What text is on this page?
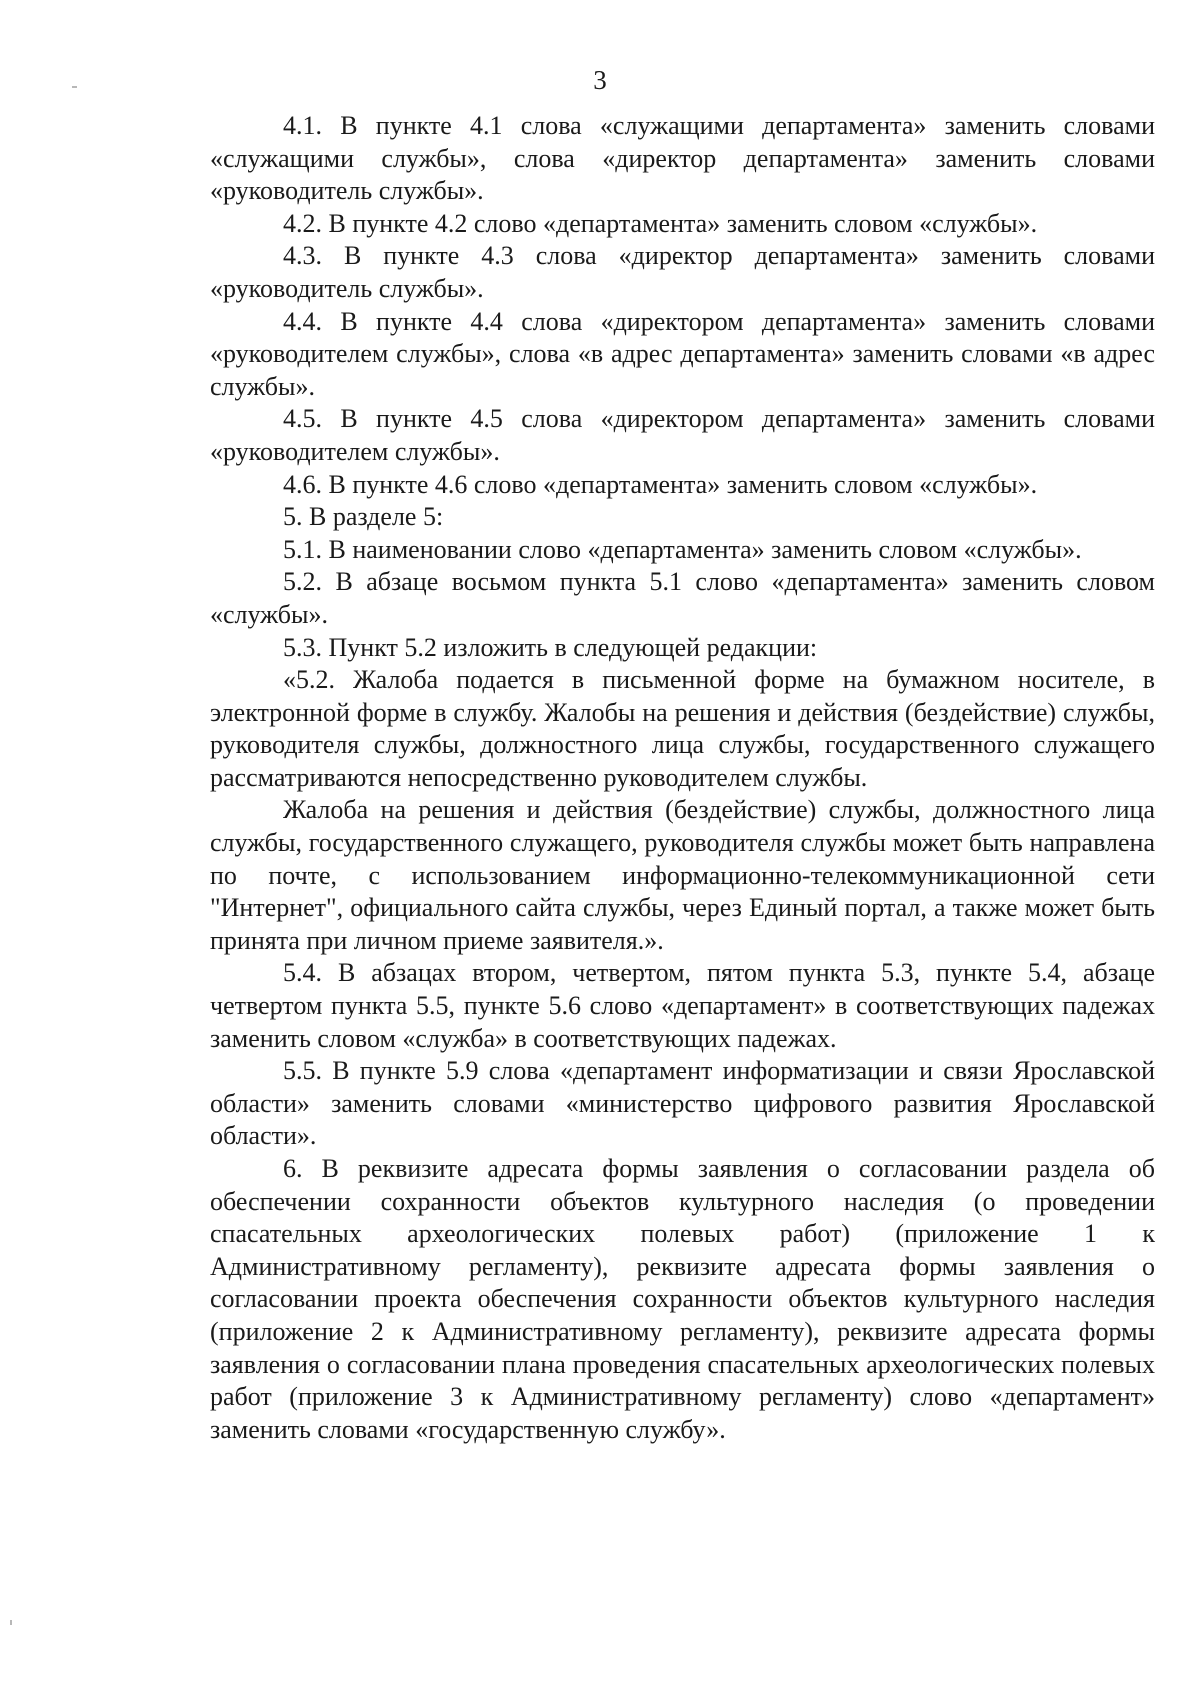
3

4.1. В пункте 4.1 слова «служащими департамента» заменить словами «служащими службы», слова «директор департамента» заменить словами «руководитель службы».

4.2. В пункте 4.2 слово «департамента» заменить словом «службы».

4.3. В пункте 4.3 слова «директор департамента» заменить словами «руководитель службы».

4.4. В пункте 4.4 слова «директором департамента» заменить словами «руководителем службы», слова «в адрес департамента» заменить словами «в адрес службы».

4.5. В пункте 4.5 слова «директором департамента» заменить словами «руководителем службы».

4.6. В пункте 4.6 слово «департамента» заменить словом «службы».

5. В разделе 5:

5.1. В наименовании слово «департамента» заменить словом «службы».

5.2. В абзаце восьмом пункта 5.1 слово «департамента» заменить словом «службы».

5.3. Пункт 5.2 изложить в следующей редакции:

«5.2. Жалоба подается в письменной форме на бумажном носителе, в электронной форме в службу. Жалобы на решения и действия (бездействие) службы, руководителя службы, должностного лица службы, государственного служащего рассматриваются непосредственно руководителем службы.

Жалоба на решения и действия (бездействие) службы, должностного лица службы, государственного служащего, руководителя службы может быть направлена по почте, с использованием информационно-телекоммуникационной сети "Интернет", официального сайта службы, через Единый портал, а также может быть принята при личном приеме заявителя.».

5.4. В абзацах втором, четвертом, пятом пункта 5.3, пункте 5.4, абзаце четвертом пункта 5.5, пункте 5.6 слово «департамент» в соответствующих падежах заменить словом «служба» в соответствующих падежах.

5.5. В пункте 5.9 слова «департамент информатизации и связи Ярославской области» заменить словами «министерство цифрового развития Ярославской области».

6. В реквизите адресата формы заявления о согласовании раздела об обеспечении сохранности объектов культурного наследия (о проведении спасательных археологических полевых работ) (приложение 1 к Административному регламенту), реквизите адресата формы заявления о согласовании проекта обеспечения сохранности объектов культурного наследия (приложение 2 к Административному регламенту), реквизите адресата формы заявления о согласовании плана проведения спасательных археологических полевых работ (приложение 3 к Административному регламенту) слово «департамент» заменить словами «государственную службу».
